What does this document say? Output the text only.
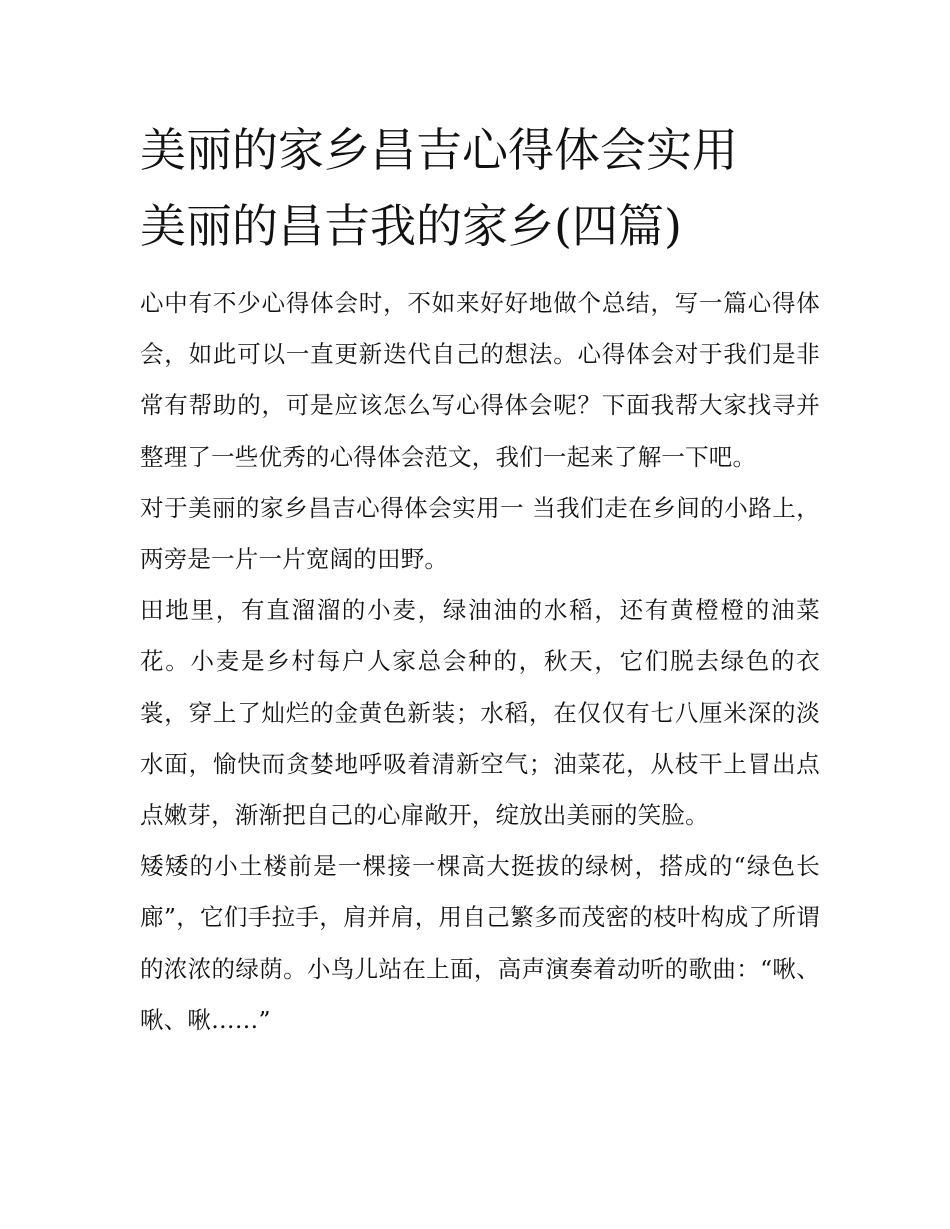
美丽的家乡昌吉心得体会实用
美丽的昌吉我的家乡(四篇)

心中有不少心得体会时，不如来好好地做个总结，写一篇心得体会，如此可以一直更新迭代自己的想法。心得体会对于我们是非常有帮助的，可是应该怎么写心得体会呢？下面我帮大家找寻并整理了一些优秀的心得体会范文，我们一起来了解一下吧。

对于美丽的家乡昌吉心得体会实用一 当我们走在乡间的小路上，两旁是一片一片宽阔的田野。

田地里，有直溜溜的小麦，绿油油的水稻，还有黄橙橙的油菜花。小麦是乡村每户人家总会种的，秋天，它们脱去绿色的衣裳，穿上了灿烂的金黄色新装；水稻，在仅仅有七八厘米深的淡水面，愉快而贪婪地呼吸着清新空气；油菜花，从枝干上冒出点点嫩芽，渐渐把自己的心扉敞开，绽放出美丽的笑脸。

矮矮的小土楼前是一棵接一棵高大挺拔的绿树，搭成的“绿色长廊”，它们手拉手，肩并肩，用自己繁多而茂密的枝叶构成了所谓的浓浓的绿荫。小鸟儿站在上面，高声演奏着动听的歌曲：“啾、啾、啾……”
